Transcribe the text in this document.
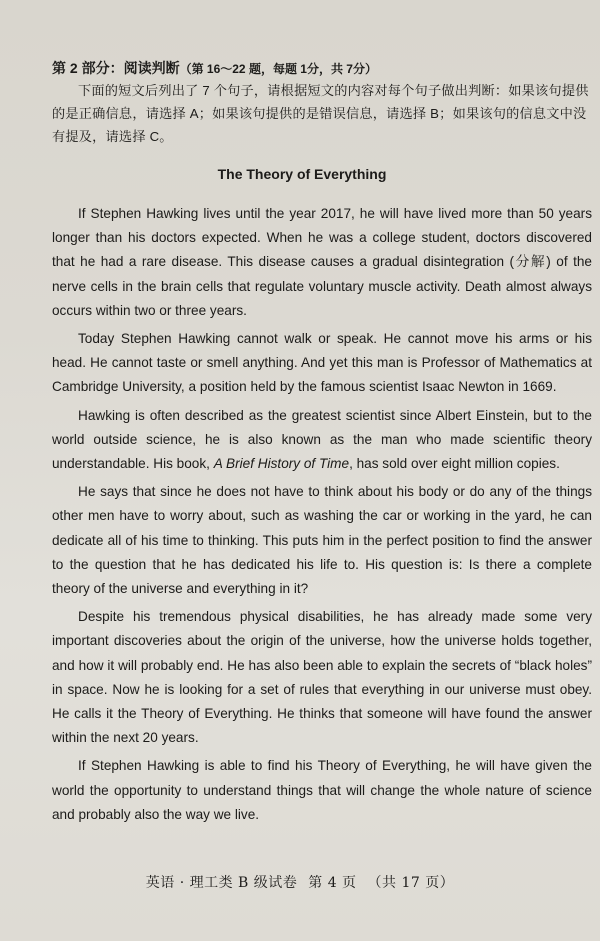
第 2 部分：阅读判断（第 16～22 题，每题 1分，共 7分）

下面的短文后列出了 7 个句子，请根据短文的内容对每个句子做出判断：如果该句提供的是正确信息，请选择 A；如果该句提供的是错误信息，请选择 B；如果该句的信息文中没有提及，请选择 C。

The Theory of Everything

If Stephen Hawking lives until the year 2017, he will have lived more than 50 years longer than his doctors expected. When he was a college student, doctors discovered that he had a rare disease. This disease causes a gradual disintegration (分解) of the nerve cells in the brain cells that regulate voluntary muscle activity. Death almost always occurs within two or three years.

Today Stephen Hawking cannot walk or speak. He cannot move his arms or his head. He cannot taste or smell anything. And yet this man is Professor of Mathematics at Cambridge University, a position held by the famous scientist Isaac Newton in 1669.

Hawking is often described as the greatest scientist since Albert Einstein, but to the world outside science, he is also known as the man who made scientific theory understandable. His book, A Brief History of Time, has sold over eight million copies.

He says that since he does not have to think about his body or do any of the things other men have to worry about, such as washing the car or working in the yard, he can dedicate all of his time to thinking. This puts him in the perfect position to find the answer to the question that he has dedicated his life to. His question is: Is there a complete theory of the universe and everything in it?

Despite his tremendous physical disabilities, he has already made some very important discoveries about the origin of the universe, how the universe holds together, and how it will probably end. He has also been able to explain the secrets of “black holes” in space. Now he is looking for a set of rules that everything in our universe must obey. He calls it the Theory of Everything. He thinks that someone will have found the answer within the next 20 years.

If Stephen Hawking is able to find his Theory of Everything, he will have given the world the opportunity to understand things that will change the whole nature of science and probably also the way we live.

英语 · 理工类 B 级试卷 第 4 页 （共 17 页）
